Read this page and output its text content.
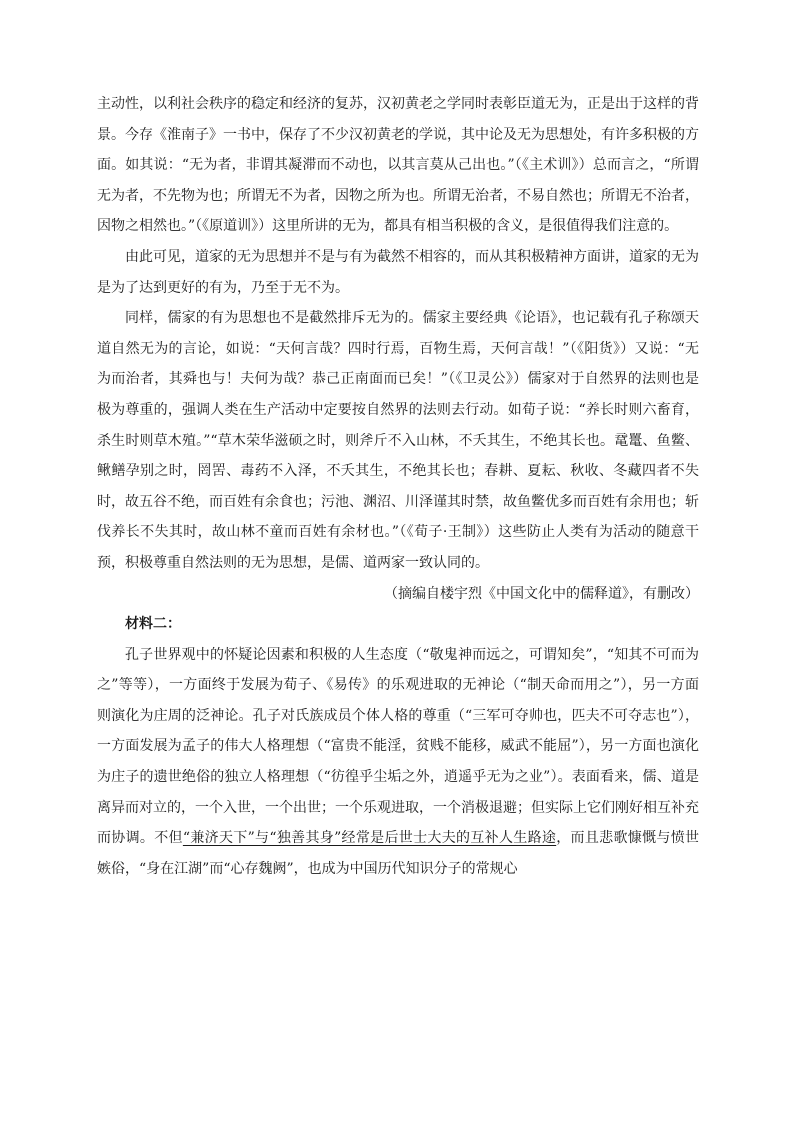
主动性，以利社会秩序的稳定和经济的复苏，汉初黄老之学同时表彰臣道无为，正是出于这样的背景。今存《淮南子》一书中，保存了不少汉初黄老的学说，其中论及无为思想处，有许多积极的方面。如其说：“无为者，非谓其凝滞而不动也，以其言莫从己出也。”（《主术训》）总而言之，“所谓无为者，不先物为也；所谓无不为者，因物之所为也。所谓无治者，不易自然也；所谓无不治者，因物之相然也。”（《原道训》）这里所讲的无为，都具有相当积极的含义，是很值得我们注意的。

由此可见，道家的无为思想并不是与有为截然不相容的，而从其积极精神方面讲，道家的无为是为了达到更好的有为，乃至于无不为。

同样，儒家的有为思想也不是截然排斥无为的。儒家主要经典《论语》，也记载有孔子称颂天道自然无为的言论，如说：“天何言哉？四时行焉，百物生焉，天何言哉！”（《阳货》）又说：“无为而治者，其舜也与！夫何为哉？恭己正南面而已矣！”（《卫灵公》）儒家对于自然界的法则也是极为尊重的，强调人类在生产活动中定要按自然界的法则去行动。如荀子说：“养长时则六畜育，杀生时则草木殖。”“草木荣华滋硕之时，则斧斤不入山林，不夭其生，不绝其长也。鼋鼍、鱼鳖、鳅鳝孕别之时，罔罟、毒药不入泽，不夭其生，不绝其长也；春耕、夏耘、秋收、冬藏四者不失时，故五谷不绝，而百姓有余食也；污池、渊沼、川泽谨其时禁，故鱼鳖优多而百姓有余用也；斩伐养长不失其时，故山林不童而百姓有余材也。”（《荀子·王制》）这些防止人类有为活动的随意干预，积极尊重自然法则的无为思想，是儒、道两家一致认同的。

（摘编自楼宇烈《中国文化中的儒释道》，有删改）

材料二：

孔子世界观中的怀疑论因素和积极的人生态度（“敬鬼神而远之，可谓知矣”，“知其不可而为之”等等），一方面终于发展为荀子、《易传》的乐观进取的无神论（“制天命而用之”），另一方面则演化为庄周的泛神论。孔子对氏族成员个体人格的尊重（“三军可夺帅也，匹夫不可夺志也”），一方面发展为孟子的伟大人格理想（“富贵不能淫，贫贱不能移，威武不能屈”），另一方面也演化为庄子的遗世绝俗的独立人格理想（“彷徨乎尘垢之外，逍遥乎无为之业”）。表面看来，儒、道是离异而对立的，一个入世，一个出世；一个乐观进取，一个消极退避；但实际上它们刚好相互补充而协调。不但“兼济天下”与“独善其身”经常是后世士大夫的互补人生路途，而且悲歌慷慨与愤世嫉俗，“身在江湖”而“心存魏阙”，也成为中国历代知识分子的常规心
